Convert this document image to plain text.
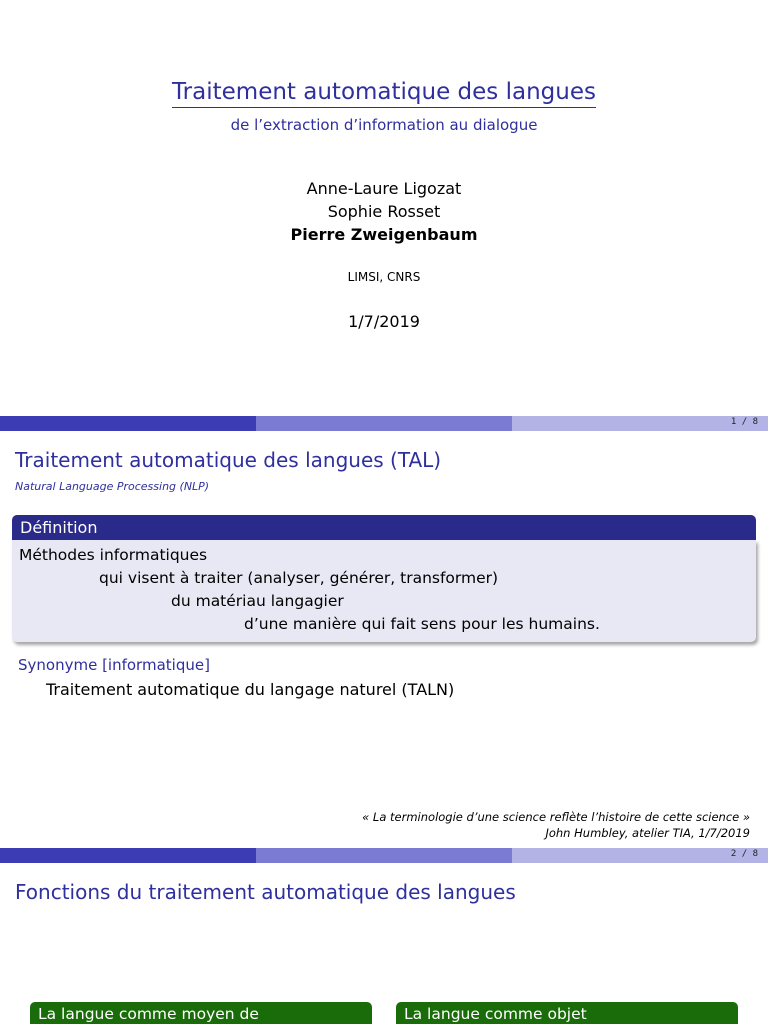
Traitement automatique des langues
de l’extraction d’information au dialogue
Anne-Laure Ligozat
Sophie Rosset
Pierre Zweigenbaum
LIMSI, CNRS
1/7/2019
1 / 8
Traitement automatique des langues (TAL)
Natural Language Processing (NLP)
Définition
Méthodes informatiques
qui visent à traiter (analyser, générer, transformer)
du matériau langagier
d’une manière qui fait sens pour les humains.
Synonyme [informatique]
Traitement automatique du langage naturel (TALN)
« La terminologie d’une science reflète l’histoire de cette science »
John Humbley, atelier TIA, 1/7/2019
2 / 8
Fonctions du traitement automatique des langues
La langue comme moyen de	La langue comme objet
